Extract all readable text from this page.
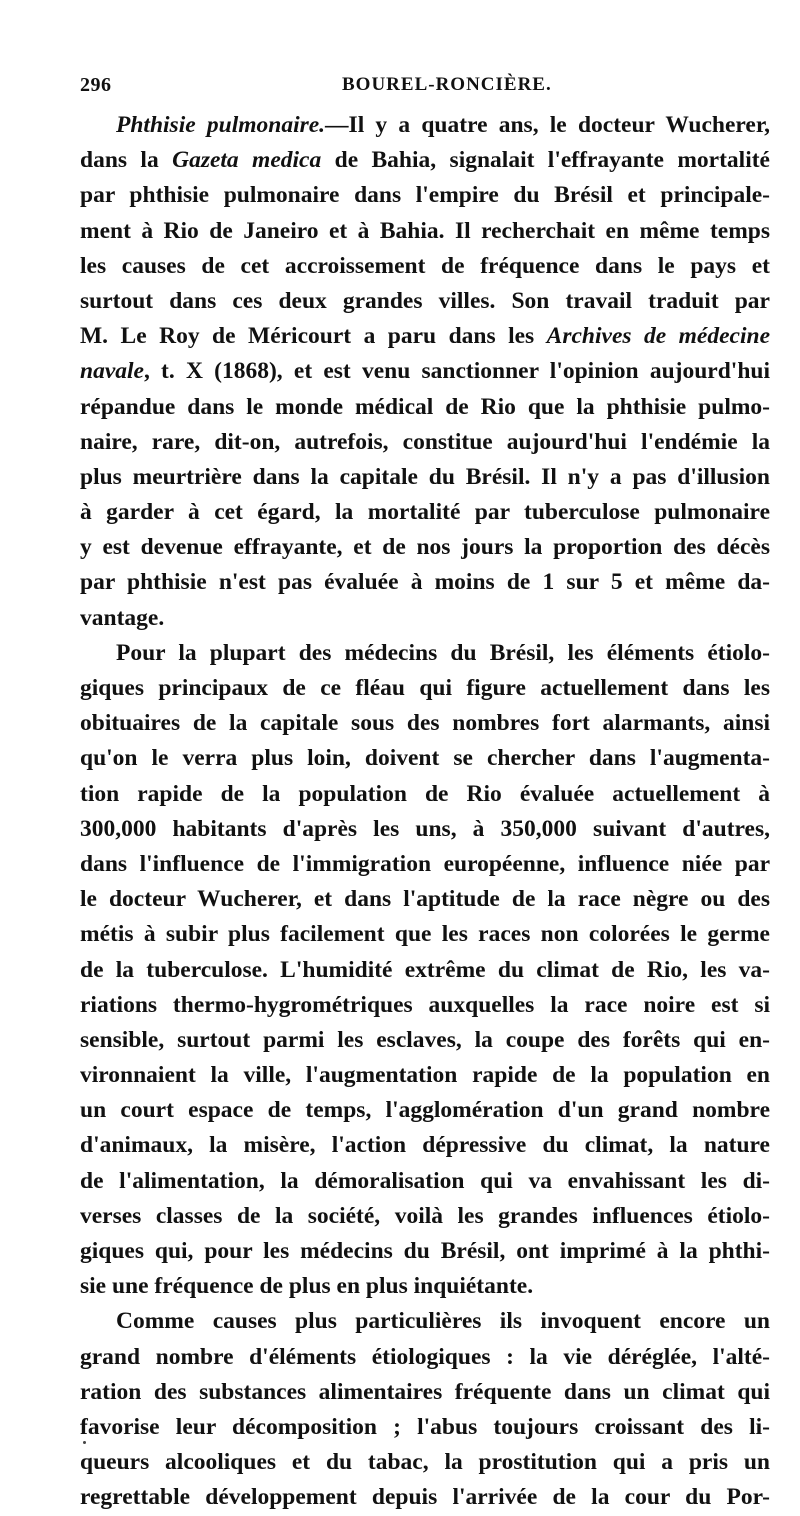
296	BOUREL-RONCIÈRE.
Phthisie pulmonaire.—Il y a quatre ans, le docteur Wucherer,
dans la Gazeta medica de Bahia, signalait l'effrayante mortalité
par phthisie pulmonaire dans l'empire du Brésil et principale-
ment à Rio de Janeiro et à Bahia. Il recherchait en même temps
les causes de cet accroissement de fréquence dans le pays et
surtout dans ces deux grandes villes. Son travail traduit par
M. Le Roy de Méricourt a paru dans les Archives de médecine
navale, t. X (1868), et est venu sanctionner l'opinion aujourd'hui
répandue dans le monde médical de Rio que la phthisie pulmo-
naire, rare, dit-on, autrefois, constitue aujourd'hui l'endémie la
plus meurtrière dans la capitale du Brésil. Il n'y a pas d'illusion
à garder à cet égard, la mortalité par tuberculose pulmonaire
y est devenue effrayante, et de nos jours la proportion des décès
par phthisie n'est pas évaluée à moins de 1 sur 5 et même da-
vantage.
Pour la plupart des médecins du Brésil, les éléments étiolo-
giques principaux de ce fléau qui figure actuellement dans les
obituaires de la capitale sous des nombres fort alarmants, ainsi
qu'on le verra plus loin, doivent se chercher dans l'augmenta-
tion rapide de la population de Rio évaluée actuellement à
300,000 habitants d'après les uns, à 350,000 suivant d'autres,
dans l'influence de l'immigration européenne, influence niée par
le docteur Wucherer, et dans l'aptitude de la race nègre ou des
métis à subir plus facilement que les races non colorées le germe
de la tuberculose. L'humidité extrême du climat de Rio, les va-
riations thermo-hygrométriques auxquelles la race noire est si
sensible, surtout parmi les esclaves, la coupe des forêts qui en-
vironnaient la ville, l'augmentation rapide de la population en
un court espace de temps, l'agglomération d'un grand nombre
d'animaux, la misère, l'action dépressive du climat, la nature
de l'alimentation, la démoralisation qui va envahissant les di-
verses classes de la société, voilà les grandes influences étiolo-
giques qui, pour les médecins du Brésil, ont imprimé à la phthi-
sie une fréquence de plus en plus inquiétante.
Comme causes plus particulières ils invoquent encore un
grand nombre d'éléments étiologiques : la vie déréglée, l'alté-
ration des substances alimentaires fréquente dans un climat qui
favorise leur décomposition ; l'abus toujours croissant des li-
queurs alcooliques et du tabac, la prostitution qui a pris un
regrettable développement depuis l'arrivée de la cour du Por-
